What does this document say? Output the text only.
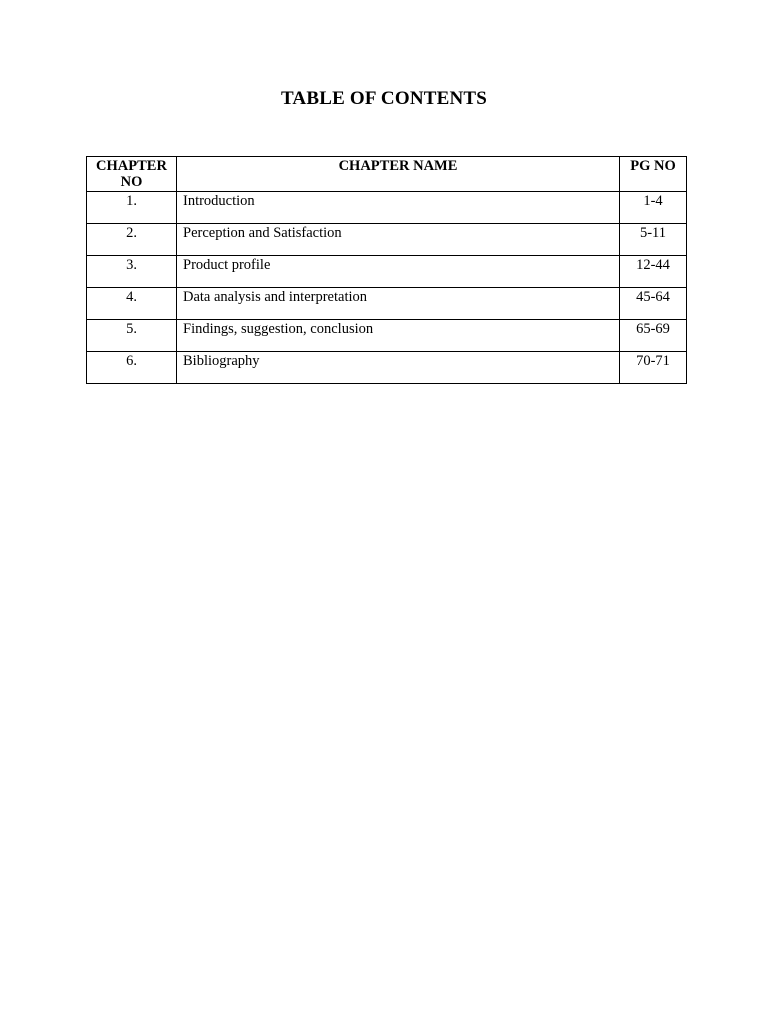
TABLE OF CONTENTS
CHAPTER NO	CHAPTER NAME	PG NO
1.	Introduction	1-4
2.	Perception and Satisfaction	5-11
3.	Product profile	12-44
4.	Data analysis and interpretation	45-64
5.	Findings, suggestion, conclusion	65-69
6.	Bibliography	70-71
